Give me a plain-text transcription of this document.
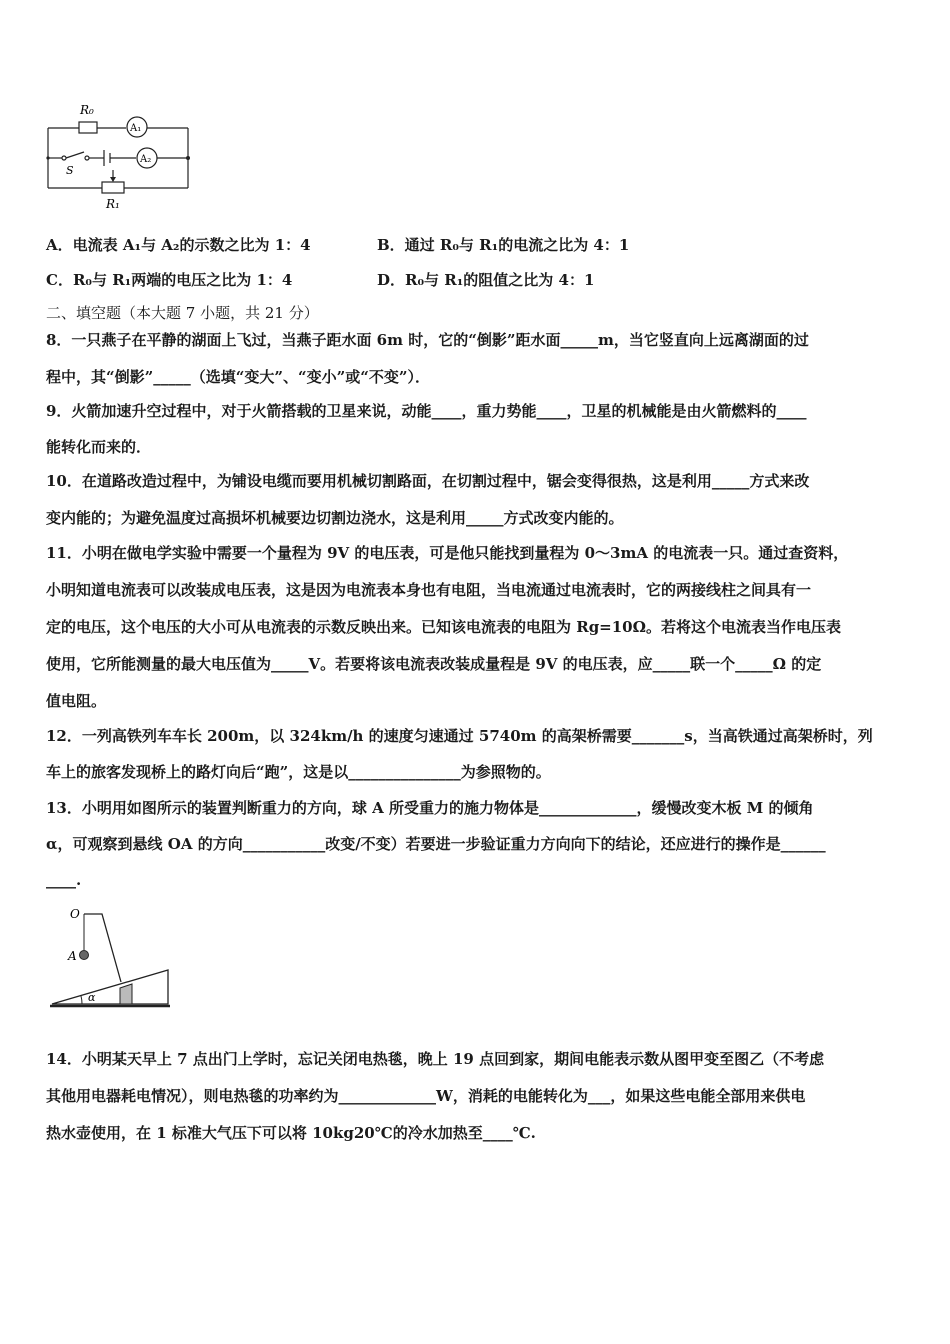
R₀
A₁
A₂
S
R₁
A．电流表 A₁与 A₂的示数之比为 1：4	B．通过 R₀与 R₁的电流之比为 4：1
C．R₀与 R₁两端的电压之比为 1：4	D．R₀与 R₁的阻值之比为 4：1
二、填空题（本大题 7 小题，共 21 分）
8．一只燕子在平静的湖面上飞过，当燕子距水面 6m 时，它的“倒影”距水面_____m，当它竖直向上远离湖面的过
程中，其“倒影”_____（选填“变大”、“变小”或“不变”）．
9．火箭加速升空过程中，对于火箭搭载的卫星来说，动能____，重力势能____，卫星的机械能是由火箭燃料的____
能转化而来的．
10．在道路改造过程中，为铺设电缆而要用机械切割路面，在切割过程中，锯会变得很热，这是利用_____方式来改
变内能的；为避免温度过高损坏机械要边切割边浇水，这是利用_____方式改变内能的。
11．小明在做电学实验中需要一个量程为 9V 的电压表，可是他只能找到量程为 0～3mA 的电流表一只。通过查资料，
小明知道电流表可以改装成电压表，这是因为电流表本身也有电阻，当电流通过电流表时，它的两接线柱之间具有一
定的电压，这个电压的大小可从电流表的示数反映出来。已知该电流表的电阻为 Rg=10Ω。若将这个电流表当作电压表
使用，它所能测量的最大电压值为_____V。若要将该电流表改装成量程是 9V 的电压表，应_____联一个_____Ω 的定
值电阻。
12．一列高铁列车车长 200m，以 324km/h 的速度匀速通过 5740m 的高架桥需要_______s，当高铁通过高架桥时，列
车上的旅客发现桥上的路灯向后“跑”，这是以_______________为参照物的。
13．小明用如图所示的装置判断重力的方向，球 A 所受重力的施力物体是_____________，缓慢改变木板 M 的倾角
α，可观察到悬线 OA 的方向___________改变/不变）若要进一步验证重力方向向下的结论，还应进行的操作是______
____.
O
A
α
14．小明某天早上 7 点出门上学时，忘记关闭电热毯，晚上 19 点回到家，期间电能表示数从图甲变至图乙（不考虑
其他用电器耗电情况），则电热毯的功率约为_____________W，消耗的电能转化为___，如果这些电能全部用来供电
热水壶使用，在 1 标准大气压下可以将 10kg20℃的冷水加热至____℃.
